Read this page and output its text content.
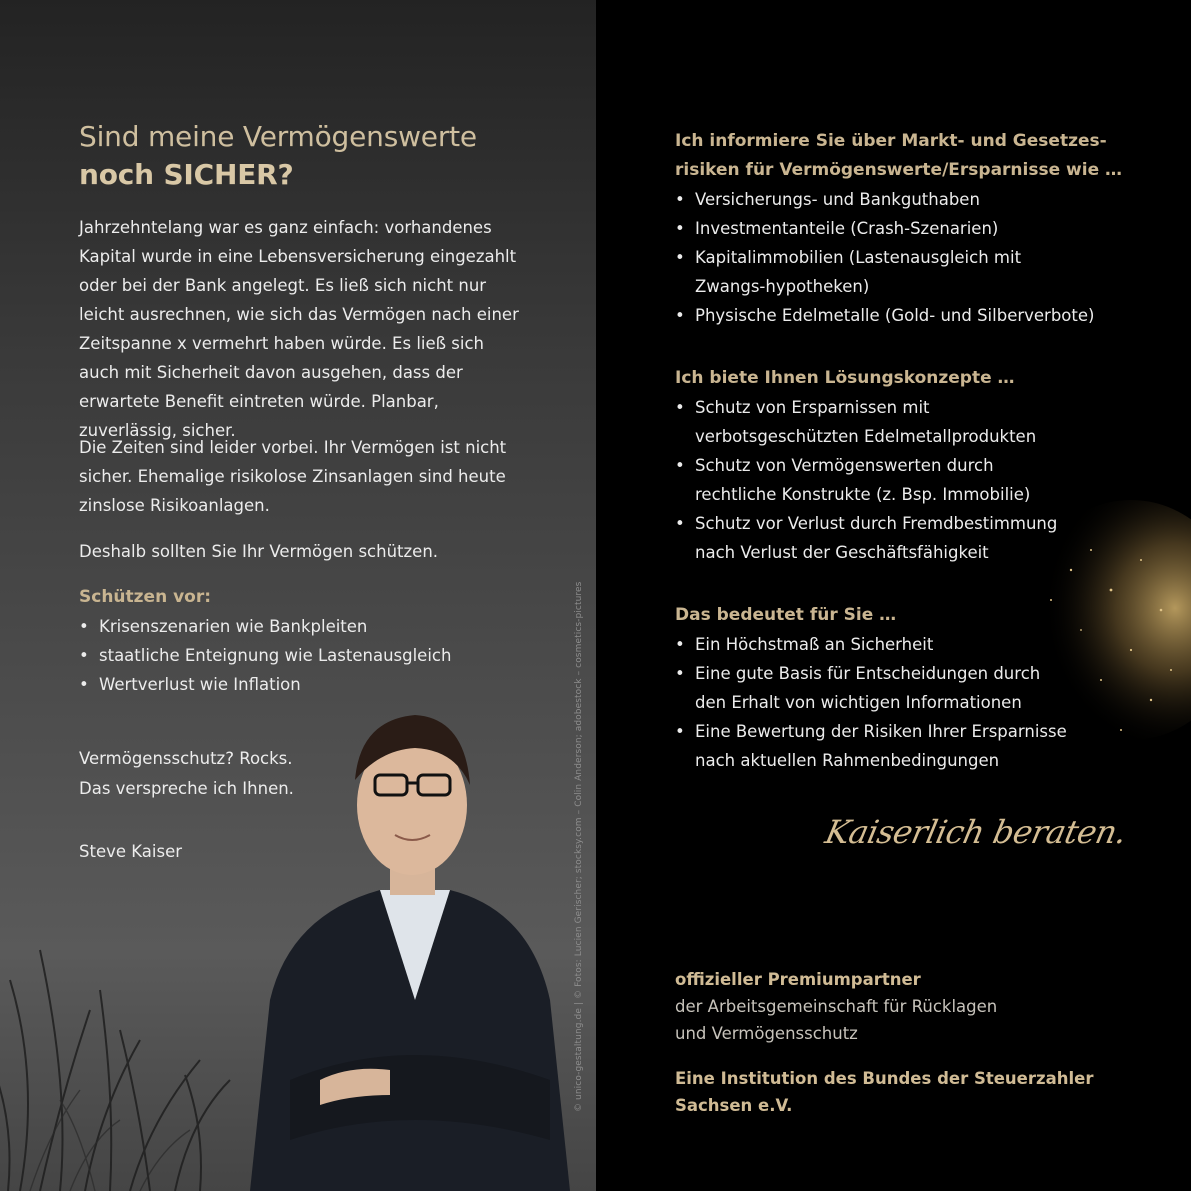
Sind meine Vermögenswerte
noch SICHER?

Jahrzehntelang war es ganz einfach: vorhandenes Kapital wurde in eine Lebensversicherung eingezahlt oder bei der Bank angelegt. Es ließ sich nicht nur leicht ausrechnen, wie sich das Vermögen nach einer Zeitspanne x vermehrt haben würde. Es ließ sich auch mit Sicherheit davon ausgehen, dass der erwartete Benefit eintreten würde. Planbar, zuverlässig, sicher.

Die Zeiten sind leider vorbei. Ihr Vermögen ist nicht sicher. Ehemalige risikolose Zinsanlagen sind heute zinslose Risikoanlagen.

Deshalb sollten Sie Ihr Vermögen schützen.

Schützen vor:

• Krisenszenarien wie Bankpleiten
• staatliche Enteignung wie Lastenausgleich
• Wertverlust wie Inflation

Vermögensschutz? Rocks.
Das verspreche ich Ihnen.

Steve Kaiser	© unico-gestaltung.de | © Fotos: Lucien Gerischer; stocksy.com – Colin Anderson; adobestock – cosmetics-pictures

Ich informiere Sie über Markt- und Gesetzes-
risiken für Vermögenswerte/Ersparnisse wie …

• Versicherungs- und Bankguthaben
• Investmentanteile (Crash-Szenarien)
• Kapitalimmobilien (Lastenausgleich mit Zwangs-hypotheken)
• Physische Edelmetalle (Gold- und Silberverbote)

Ich biete Ihnen Lösungskonzepte …

• Schutz von Ersparnissen mit verbotsgeschützten Edelmetallprodukten
• Schutz von Vermögenswerten durch rechtliche Konstrukte (z. Bsp. Immobilie)
• Schutz vor Verlust durch Fremdbestimmung nach Verlust der Geschäftsfähigkeit

Das bedeutet für Sie …

• Ein Höchstmaß an Sicherheit
• Eine gute Basis für Entscheidungen durch den Erhalt von wichtigen Informationen
• Eine Bewertung der Risiken Ihrer Ersparnisse nach aktuellen Rahmenbedingungen
Kaiserlich beraten.

offizieller Premiumpartner
der Arbeitsgemeinschaft für Rücklagen
und Vermögensschutz

Eine Institution des Bundes der Steuerzahler
Sachsen e.V.
